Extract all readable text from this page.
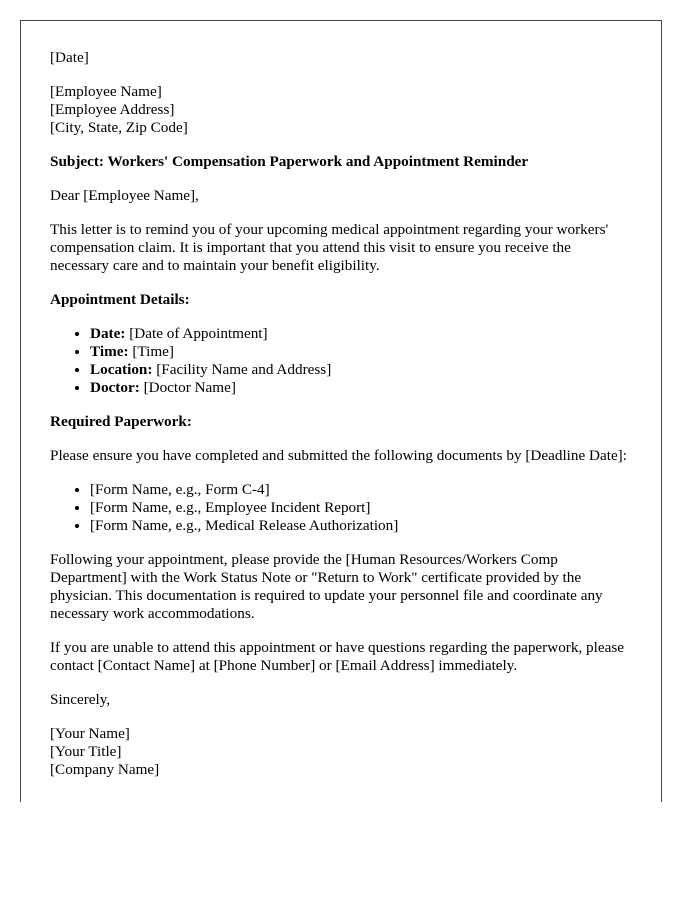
[Date]

[Employee Name]
[Employee Address]
[City, State, Zip Code]

Subject: Workers' Compensation Paperwork and Appointment Reminder

Dear [Employee Name],

This letter is to remind you of your upcoming medical appointment regarding your workers' compensation claim. It is important that you attend this visit to ensure you receive the necessary care and to maintain your benefit eligibility.

Appointment Details:

• Date: [Date of Appointment]
• Time: [Time]
• Location: [Facility Name and Address]
• Doctor: [Doctor Name]

Required Paperwork:

Please ensure you have completed and submitted the following documents by [Deadline Date]:

• [Form Name, e.g., Form C-4]
• [Form Name, e.g., Employee Incident Report]
• [Form Name, e.g., Medical Release Authorization]

Following your appointment, please provide the [Human Resources/Workers Comp Department] with the Work Status Note or "Return to Work" certificate provided by the physician. This documentation is required to update your personnel file and coordinate any necessary work accommodations.

If you are unable to attend this appointment or have questions regarding the paperwork, please contact [Contact Name] at [Phone Number] or [Email Address] immediately.

Sincerely,

[Your Name]
[Your Title]
[Company Name]
